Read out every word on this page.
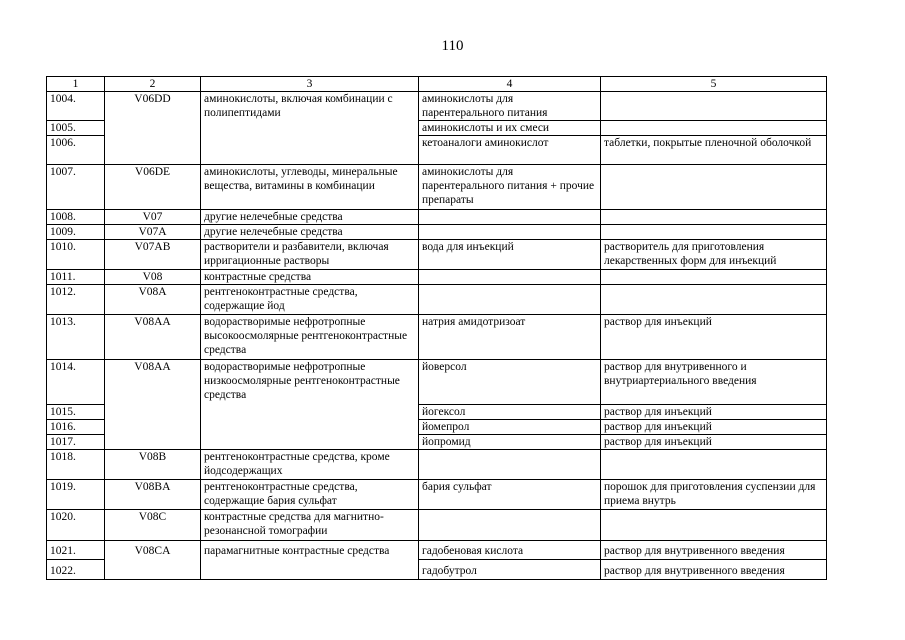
110
1	2	3	4	5
1004.	V06DD	аминокислоты, включая комбинации с полипептидами	аминокислоты для парентерального питания	
1005.			аминокислоты и их смеси	
1006.			кетоаналоги аминокислот	таблетки, покрытые пленочной оболочкой
1007.	V06DE	аминокислоты, углеводы, минеральные вещества, витамины в комбинации	аминокислоты для парентерального питания + прочие препараты	
1008.	V07	другие нелечебные средства		
1009.	V07A	другие нелечебные средства		
1010.	V07AB	растворители и разбавители, включая ирригационные растворы	вода для инъекций	растворитель для приготовления лекарственных форм для инъекций
1011.	V08	контрастные средства		
1012.	V08A	рентгеноконтрастные средства, содержащие йод		
1013.	V08AA	водорастворимые нефротропные высокоосмолярные рентгеноконтрастные средства	натрия амидотризоат	раствор для инъекций
1014.	V08AA	водорастворимые нефротропные низкоосмолярные рентгеноконтрастные средства	йоверсол	раствор для внутривенного и внутриартериального введения
1015.			йогексол	раствор для инъекций
1016.			йомепрол	раствор для инъекций
1017.			йопромид	раствор для инъекций
1018.	V08B	рентгеноконтрастные средства, кроме йодсодержащих		
1019.	V08BA	рентгеноконтрастные средства, содержащие бария сульфат	бария сульфат	порошок для приготовления суспензии для приема внутрь
1020.	V08C	контрастные средства для магнитно-резонансной томографии		
1021.	V08CA	парамагнитные контрастные средства	гадобеновая кислота	раствор для внутривенного введения
1022.			гадобутрол	раствор для внутривенного введения
